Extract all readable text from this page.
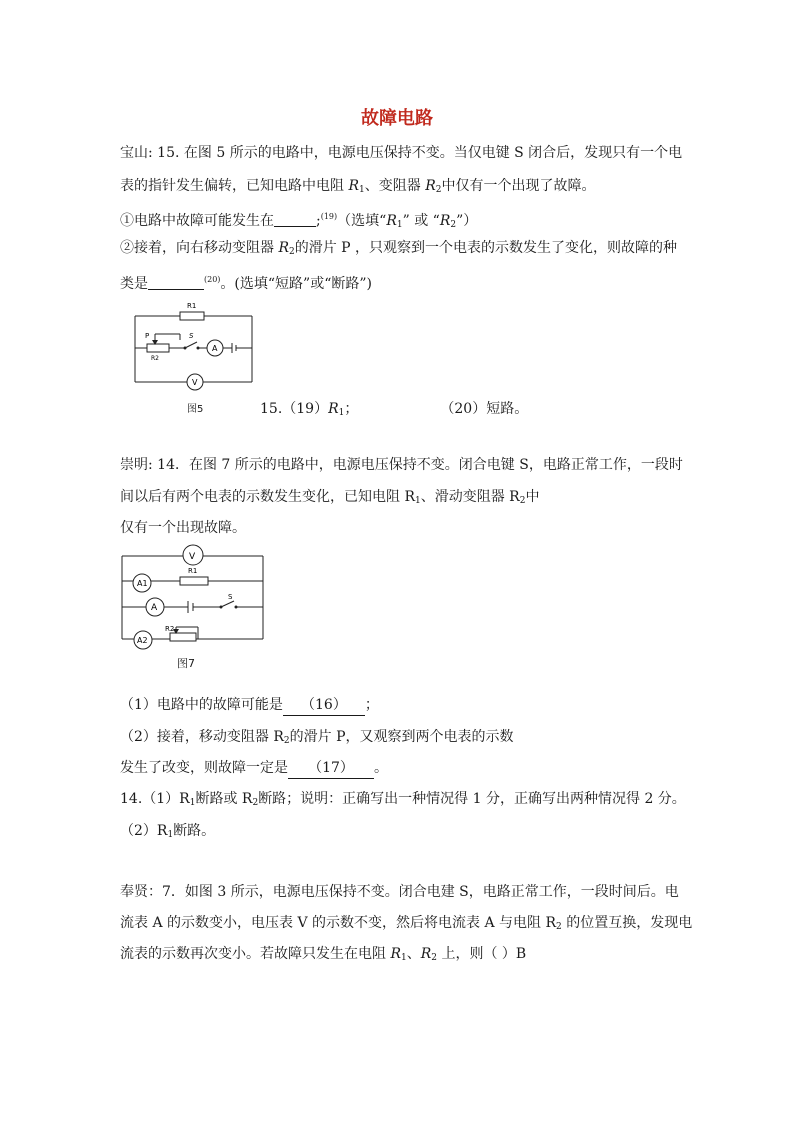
故障电路
宝山: 15. 在图 5 所示的电路中，电源电压保持不变。当仅电键 S 闭合后，发现只有一个电
表的指针发生偏转，已知电路中电阻 $R_1$、变阻器 $R_2$中仅有一个出现了故障。
①电路中故障可能发生在	;$^{(19)}$（选填“$R_1$” 或 “$R_2$”）
②接着，向右移动变阻器 $R_2$的滑片 P ，只观察到一个电表的示数发生了变化，则故障的种
类是	$^{(20)}$。(选填“短路”或“断路”)
R1
P
R2
S
A
V
图5	$15.(19)R_1$；	（20）短路。
崇明: 14．在图 7 所示的电路中，电源电压保持不变。闭合电键 S，电路正常工作，一段时
间以后有两个电表的示数发生变化，已知电阻 $R_1$、滑动变阻器 $R_2$中
仅有一个出现故障。
V
A1
R1
A
S
A2
R2
图7
（1）电路中的故障可能是 （16） ；
（2）接着，移动变阻器 $R_2$的滑片 P，又观察到两个电表的示数
发生了改变，则故障一定是 （17） 。
$14.(1)R_1$断路或 $R_2$断路；说明：正确写出一种情况得 1 分，正确写出两种情况得 2 分。
$(2)R_1$断路。
奉贤：7．如图 3 所示，电源电压保持不变。闭合电建 S，电路正常工作，一段时间后。电
流表 A 的示数变小，电压表 V 的示数不变，然后将电流表 A 与电阻 $R_2$ 的位置互换，发现电
流表的示数再次变小。若故障只发生在电阻 $R_1$、$R_2$ 上，则（ ）B
